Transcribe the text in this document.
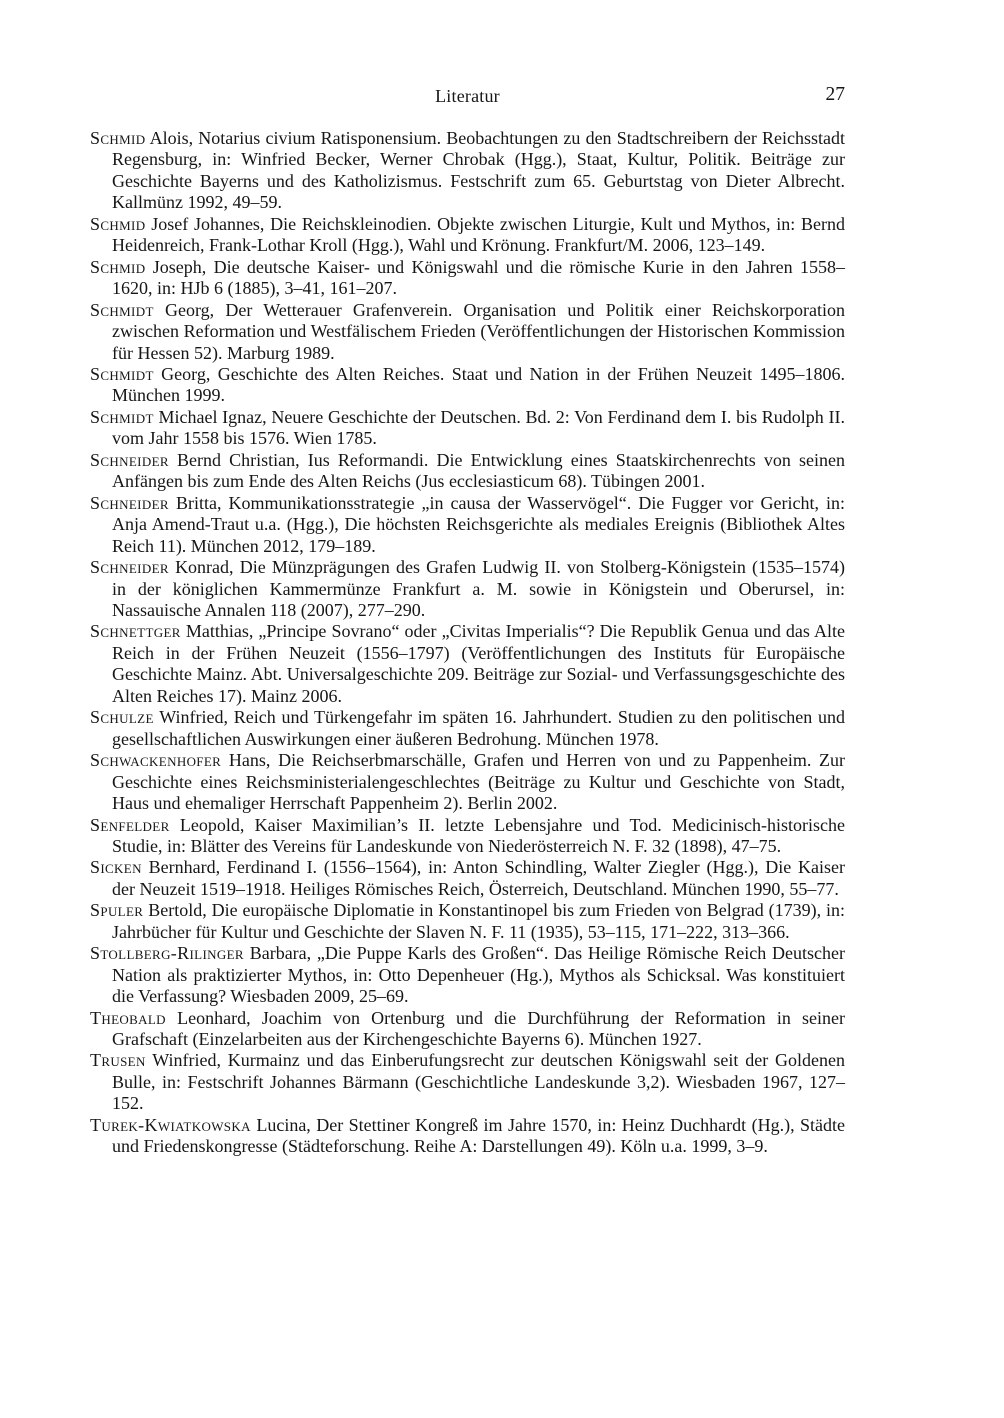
Literatur	27

Schmid Alois, Notarius civium Ratisponensium. Beobachtungen zu den Stadtschreibern der Reichsstadt Regensburg, in: Winfried Becker, Werner Chrobak (Hgg.), Staat, Kultur, Politik. Beiträge zur Geschichte Bayerns und des Katholizismus. Festschrift zum 65. Geburtstag von Dieter Albrecht. Kallmünz 1992, 49–59.

Schmid Josef Johannes, Die Reichskleinodien. Objekte zwischen Liturgie, Kult und Mythos, in: Bernd Heidenreich, Frank-Lothar Kroll (Hgg.), Wahl und Krönung. Frankfurt/M. 2006, 123–149.

Schmid Joseph, Die deutsche Kaiser- und Königswahl und die römische Kurie in den Jahren 1558–1620, in: HJb 6 (1885), 3–41, 161–207.

Schmidt Georg, Der Wetterauer Grafenverein. Organisation und Politik einer Reichskorporation zwischen Reformation und Westfälischem Frieden (Veröffentlichungen der Historischen Kommission für Hessen 52). Marburg 1989.

Schmidt Georg, Geschichte des Alten Reiches. Staat und Nation in der Frühen Neuzeit 1495–1806. München 1999.

Schmidt Michael Ignaz, Neuere Geschichte der Deutschen. Bd. 2: Von Ferdinand dem I. bis Rudolph II. vom Jahr 1558 bis 1576. Wien 1785.

Schneider Bernd Christian, Ius Reformandi. Die Entwicklung eines Staatskirchenrechts von seinen Anfängen bis zum Ende des Alten Reichs (Jus ecclesiasticum 68). Tübingen 2001.

Schneider Britta, Kommunikationsstrategie „in causa der Wasservögel“. Die Fugger vor Gericht, in: Anja Amend-Traut u.a. (Hgg.), Die höchsten Reichsgerichte als mediales Ereignis (Bibliothek Altes Reich 11). München 2012, 179–189.

Schneider Konrad, Die Münzprägungen des Grafen Ludwig II. von Stolberg-Königstein (1535–1574) in der königlichen Kammermünze Frankfurt a. M. sowie in Königstein und Oberursel, in: Nassauische Annalen 118 (2007), 277–290.

Schnettger Matthias, „Principe Sovrano“ oder „Civitas Imperialis“? Die Republik Genua und das Alte Reich in der Frühen Neuzeit (1556–1797) (Veröffentlichungen des Instituts für Europäische Geschichte Mainz. Abt. Universalgeschichte 209. Beiträge zur Sozial- und Verfassungsgeschichte des Alten Reiches 17). Mainz 2006.

Schulze Winfried, Reich und Türkengefahr im späten 16. Jahrhundert. Studien zu den politischen und gesellschaftlichen Auswirkungen einer äußeren Bedrohung. München 1978.

Schwackenhofer Hans, Die Reichserbmarschälle, Grafen und Herren von und zu Pappenheim. Zur Geschichte eines Reichsministerialengeschlechtes (Beiträge zu Kultur und Geschichte von Stadt, Haus und ehemaliger Herrschaft Pappenheim 2). Berlin 2002.

Senfelder Leopold, Kaiser Maximilian’s II. letzte Lebensjahre und Tod. Medicinisch-historische Studie, in: Blätter des Vereins für Landeskunde von Niederösterreich N. F. 32 (1898), 47–75.

Sicken Bernhard, Ferdinand I. (1556–1564), in: Anton Schindling, Walter Ziegler (Hgg.), Die Kaiser der Neuzeit 1519–1918. Heiliges Römisches Reich, Österreich, Deutschland. München 1990, 55–77.

Spuler Bertold, Die europäische Diplomatie in Konstantinopel bis zum Frieden von Belgrad (1739), in: Jahrbücher für Kultur und Geschichte der Slaven N. F. 11 (1935), 53–115, 171–222, 313–366.

Stollberg-Rilinger Barbara, „Die Puppe Karls des Großen“. Das Heilige Römische Reich Deutscher Nation als praktizierter Mythos, in: Otto Depenheuer (Hg.), Mythos als Schicksal. Was konstituiert die Verfassung? Wiesbaden 2009, 25–69.

Theobald Leonhard, Joachim von Ortenburg und die Durchführung der Reformation in seiner Grafschaft (Einzelarbeiten aus der Kirchengeschichte Bayerns 6). München 1927.

Trusen Winfried, Kurmainz und das Einberufungsrecht zur deutschen Königswahl seit der Goldenen Bulle, in: Festschrift Johannes Bärmann (Geschichtliche Landeskunde 3,2). Wiesbaden 1967, 127–152.

Turek-Kwiatkowska Lucina, Der Stettiner Kongreß im Jahre 1570, in: Heinz Duchhardt (Hg.), Städte und Friedenskongresse (Städteforschung. Reihe A: Darstellungen 49). Köln u.a. 1999, 3–9.
